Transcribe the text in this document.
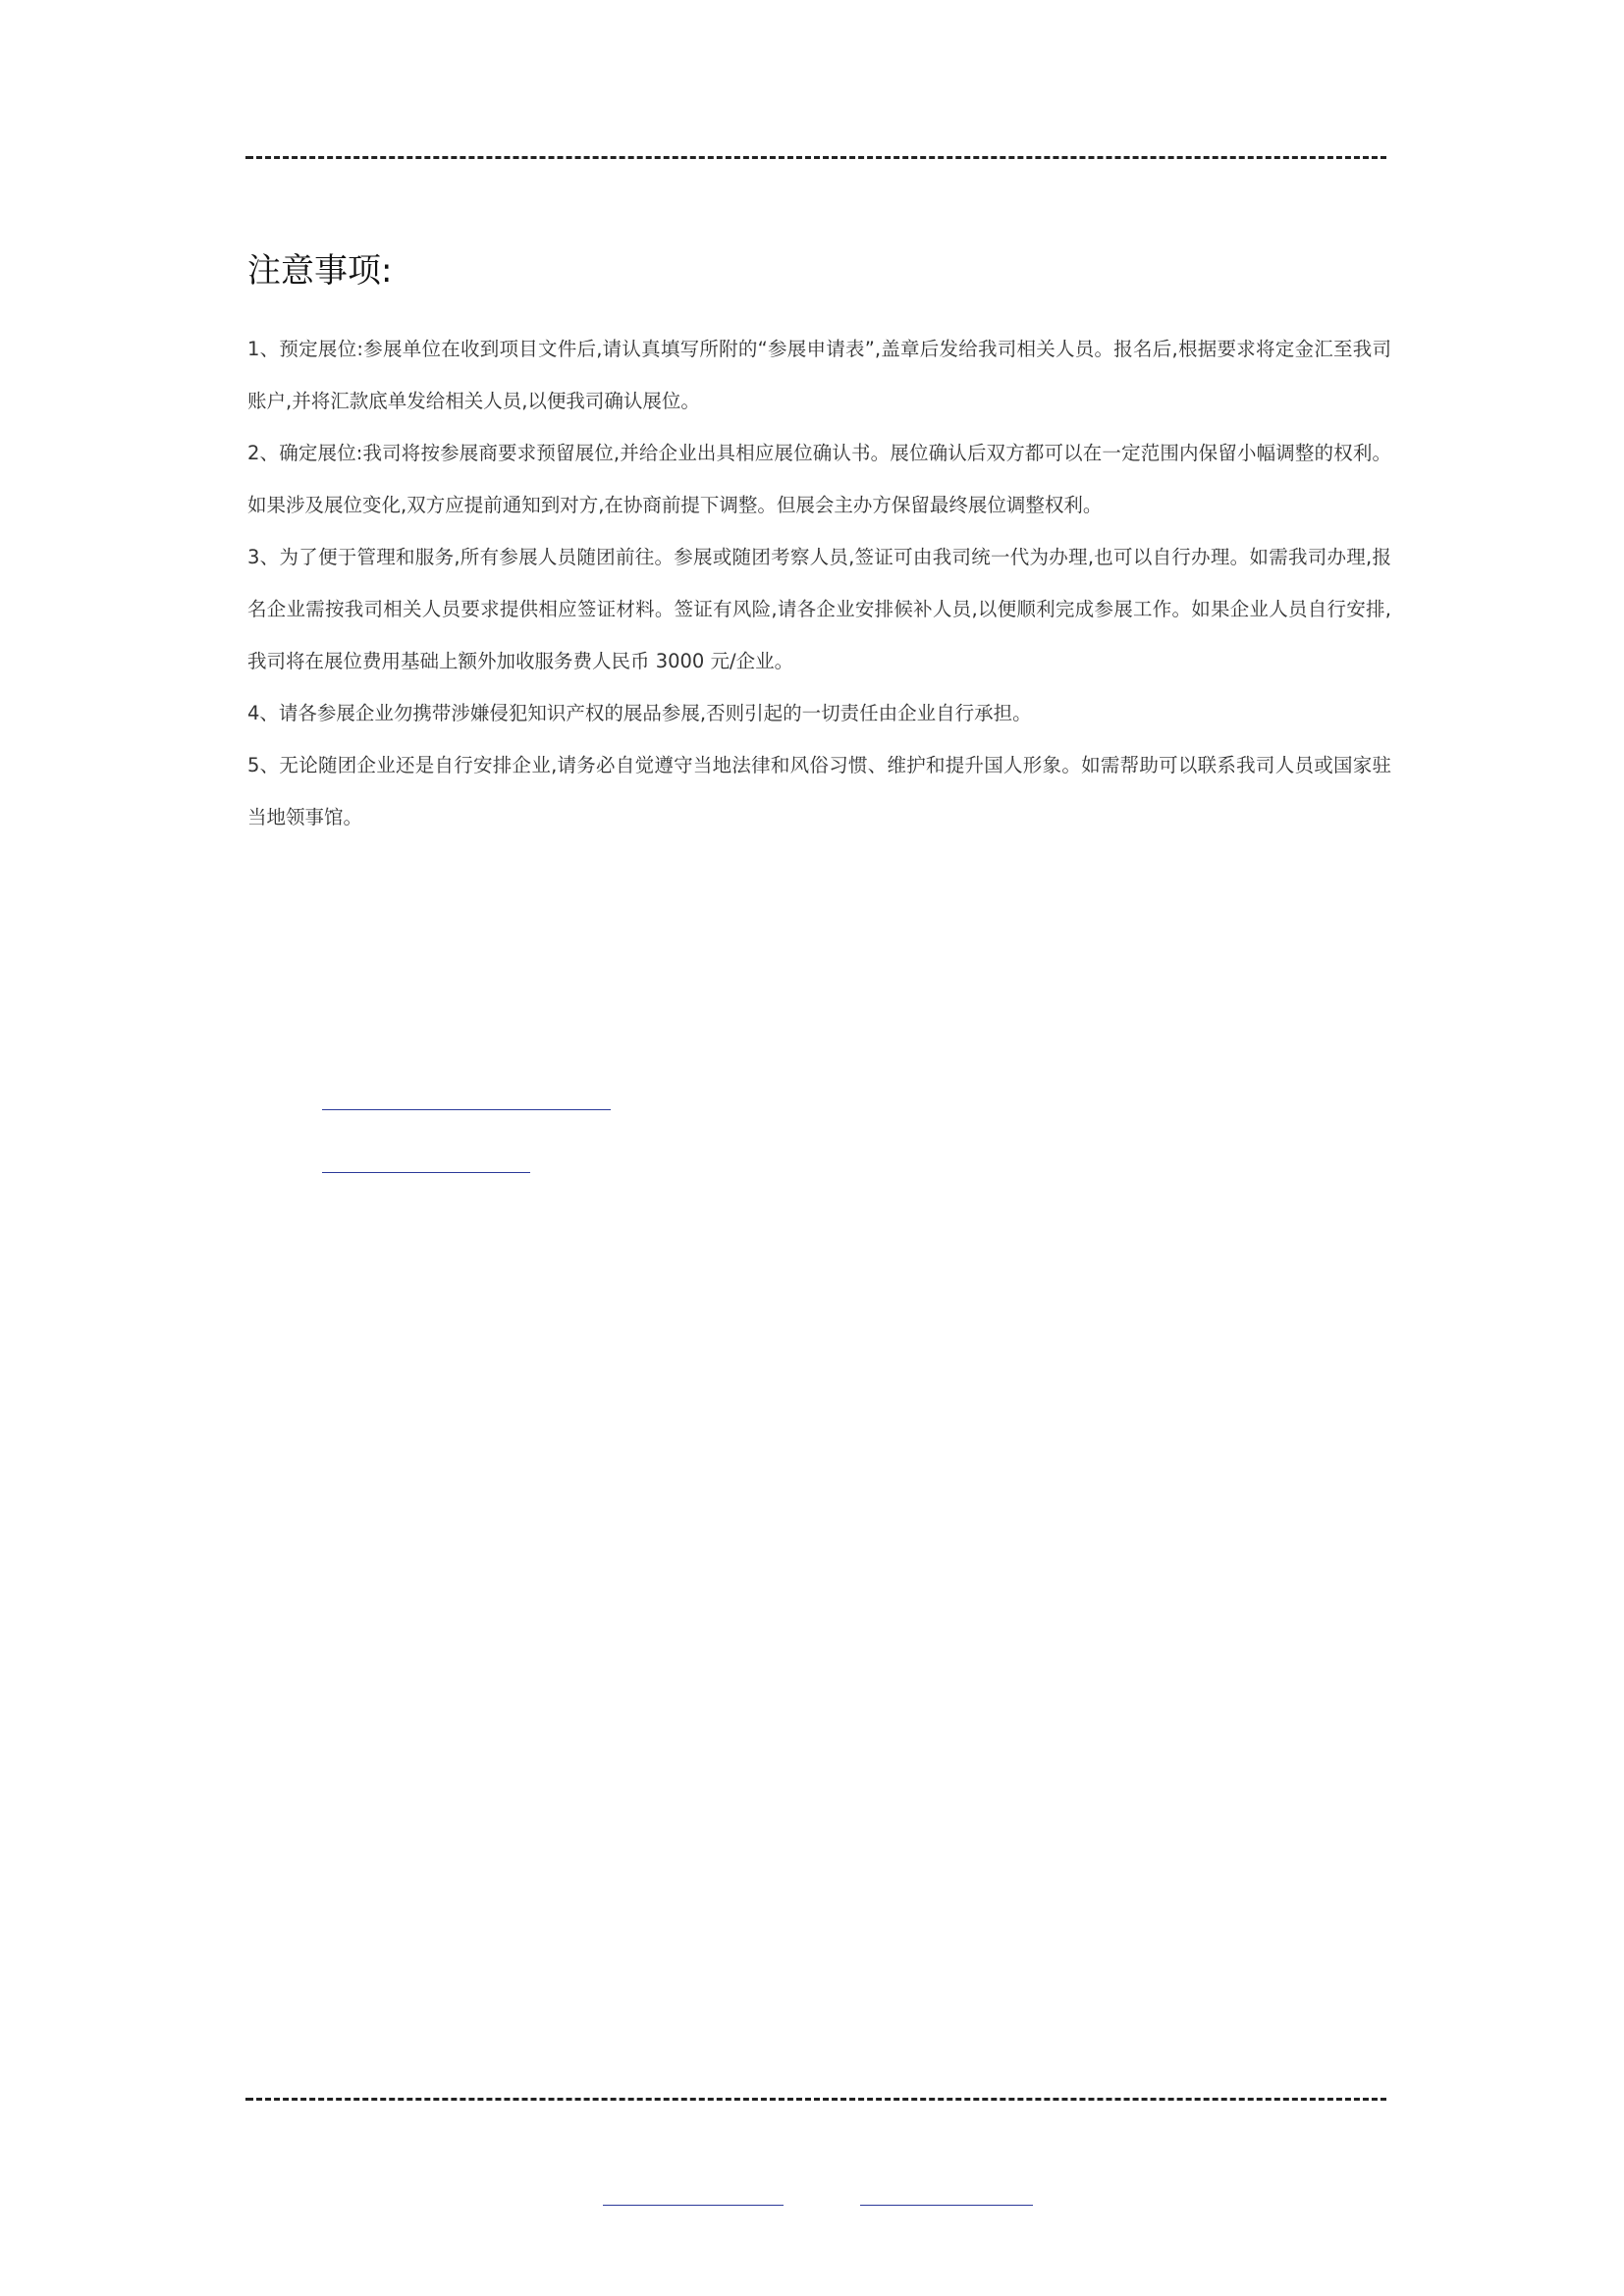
注意事项:
1、预定展位:参展单位在收到项目文件后,请认真填写所附的“参展申请表”,盖章后发给我司相关人员。报名后,根据要求将定金汇至我司账户,并将汇款底单发给相关人员,以便我司确认展位。
2、确定展位:我司将按参展商要求预留展位,并给企业出具相应展位确认书。展位确认后双方都可以在一定范围内保留小幅调整的权利。如果涉及展位变化,双方应提前通知到对方,在协商前提下调整。但展会主办方保留最终展位调整权利。
3、为了便于管理和服务,所有参展人员随团前往。参展或随团考察人员,签证可由我司统一代为办理,也可以自行办理。如需我司办理,报名企业需按我司相关人员要求提供相应签证材料。签证有风险,请各企业安排候补人员,以便顺利完成参展工作。如果企业人员自行安排,我司将在展位费用基础上额外加收服务费人民币 3000 元/企业。
4、请各参展企业勿携带涉嫌侵犯知识产权的展品参展,否则引起的一切责任由企业自行承担。
5、无论随团企业还是自行安排企业,请务必自觉遵守当地法律和风俗习惯、维护和提升国人形象。如需帮助可以联系我司人员或国家驻当地领事馆。
